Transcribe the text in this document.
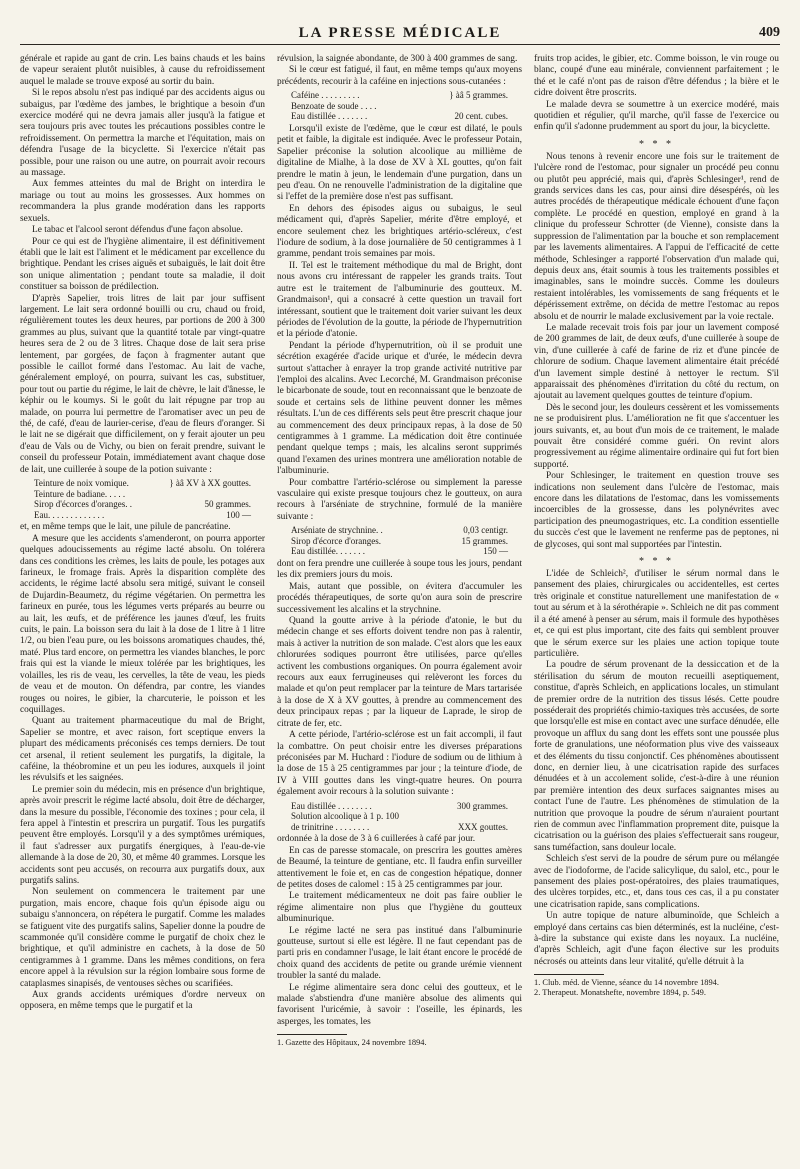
LA PRESSE MÉDICALE	409

générale et rapide au gant de crin. Les bains chauds et les bains de vapeur seraient plutôt nuisibles, à cause du refroidissement auquel le malade se trouve exposé au sortir du bain.

Si le repos absolu n'est pas indiqué par des accidents aigus ou subaigus, par l'œdème des jambes, le brightique a besoin d'un exercice modéré qui ne devra jamais aller jusqu'à la fatigue et sera toujours pris avec toutes les précautions possibles contre le refroidissement. On permettra la marche et l'équitation, mais on défendra l'usage de la bicyclette. Si l'exercice n'était pas possible, pour une raison ou une autre, on pourrait avoir recours au massage.

Aux femmes atteintes du mal de Bright on interdira le mariage ou tout au moins les grossesses. Aux hommes on recommandera la plus grande modération dans les rapports sexuels.

Le tabac et l'alcool seront défendus d'une façon absolue.

Pour ce qui est de l'hygiène alimentaire, il est définitivement établi que le lait est l'aliment et le médicament par excellence du brightique. Pendant les crises aiguës et subaiguës, le lait doit être son unique alimentation ; pendant toute sa maladie, il doit constituer sa boisson de prédilection.

D'après Sapelier, trois litres de lait par jour suffisent largement. Le lait sera ordonné bouilli ou cru, chaud ou froid, régulièrement toutes les deux heures, par portions de 200 à 300 grammes au plus, suivant que la quantité totale par vingt-quatre heures sera de 2 ou de 3 litres. Chaque dose de lait sera prise lentement, par gorgées, de façon à fragmenter autant que possible le caillot formé dans l'estomac. Au lait de vache, généralement employé, on pourra, suivant les cas, substituer, pour tout ou partie du régime, le lait de chèvre, le lait d'ânesse, le képhir ou le koumys. Si le goût du lait répugne par trop au malade, on pourra lui permettre de l'aromatiser avec un peu de thé, de café, d'eau de laurier-cerise, d'eau de fleurs d'oranger. Si le lait ne se digérait que difficilement, on y ferait ajouter un peu d'eau de Vals ou de Vichy, ou bien on ferait prendre, suivant le conseil du professeur Potain, immédiatement avant chaque dose de lait, une cuillerée à soupe de la potion suivante :

Teinture de noix vomique.	} àâ XV à XX gouttes.
Teinture de badiane. . . . .
Sirop d'écorces d'oranges. .	50 grammes.
Eau. . . . . . . . . . . . .	100 —

et, en même temps que le lait, une pilule de pancréatine.

A mesure que les accidents s'amenderont, on pourra apporter quelques adoucissements au régime lacté absolu. On tolérera dans ces conditions les crèmes, les laits de poule, les potages aux farineux, le fromage frais. Après la disparition complète des accidents, le régime lacté absolu sera mitigé, suivant le conseil de Dujardin-Beaumetz, du régime végétarien. On permettra les farineux en purée, tous les légumes verts préparés au beurre ou au lait, les œufs, et de préférence les jaunes d'œuf, les fruits cuits, le pain. La boisson sera du lait à la dose de 1 litre à 1 litre 1/2, ou bien l'eau pure, ou les boissons aromatiques chaudes, thé, maté. Plus tard encore, on permettra les viandes blanches, le porc frais qui est la viande le mieux tolérée par les brightiques, les volailles, les ris de veau, les cervelles, la tête de veau, les pieds de veau et de mouton. On défendra, par contre, les viandes rouges ou noires, le gibier, la charcuterie, le poisson et les coquillages.

Quant au traitement pharmaceutique du mal de Bright, Sapelier se montre, et avec raison, fort sceptique envers la plupart des médicaments préconisés ces temps derniers. De tout cet arsenal, il retient seulement les purgatifs, la digitale, la caféine, la théobromine et un peu les iodures, auxquels il joint les révulsifs et les saignées.

Le premier soin du médecin, mis en présence d'un brightique, après avoir prescrit le régime lacté absolu, doit être de décharger, dans la mesure du possible, l'économie des toxines ; pour cela, il fera appel à l'intestin et prescrira un purgatif. Tous les purgatifs peuvent être employés. Lorsqu'il y a des symptômes urémiques, il faut s'adresser aux purgatifs énergiques, à l'eau-de-vie allemande à la dose de 20, 30, et même 40 grammes. Lorsque les accidents sont peu accusés, on recourra aux purgatifs doux, aux purgatifs salins.

Non seulement on commencera le traitement par une purgation, mais encore, chaque fois qu'un épisode aigu ou subaigu s'annoncera, on répétera le purgatif. Comme les malades se fatiguent vite des purgatifs salins, Sapelier donne la poudre de scammonée qu'il considère comme le purgatif de choix chez le brightique, et qu'il administre en cachets, à la dose de 50 centigrammes à 1 gramme. Dans les mêmes conditions, on fera encore appel à la révulsion sur la région lombaire sous forme de cataplasmes sinapisés, de ventouses sèches ou scarifiées.

Aux grands accidents urémiques d'ordre nerveux on opposera, en même temps que le purgatif et la

révulsion, la saignée abondante, de 300 à 400 grammes de sang.

Si le cœur est fatigué, il faut, en même temps qu'aux moyens précédents, recourir à la caféine en injections sous-cutanées :

Caféine . . . . . . . . .	} àâ 5 grammes.
Benzoate de soude . . . .
Eau distillée . . . . . . .	20 cent. cubes.

Lorsqu'il existe de l'œdème, que le cœur est dilaté, le pouls petit et faible, la digitale est indiquée. Avec le professeur Potain, Sapelier préconise la solution alcoolique au millième de digitaline de Mialhe, à la dose de XV à XL gouttes, qu'on fait prendre le matin à jeun, le lendemain d'une purgation, dans un peu d'eau. On ne renouvelle l'administration de la digitaline que si l'effet de la première dose n'est pas suffisant.

En dehors des épisodes aigus ou subaigus, le seul médicament qui, d'après Sapelier, mérite d'être employé, et encore seulement chez les brightiques artério-scléreux, c'est l'iodure de sodium, à la dose journalière de 50 centigrammes à 1 gramme, pendant trois semaines par mois.

II. Tel est le traitement méthodique du mal de Bright, dont nous avons cru intéressant de rappeler les grands traits. Tout autre est le traitement de l'albuminurie des goutteux. M. Grandmaison¹, qui a consacré à cette question un travail fort intéressant, soutient que le traitement doit varier suivant les deux périodes de l'évolution de la goutte, la période de l'hypernutrition et la période d'atonie.

Pendant la période d'hypernutrition, où il se produit une sécrétion exagérée d'acide urique et d'urée, le médecin devra surtout s'attacher à enrayer la trop grande activité nutritive par l'emploi des alcalins. Avec Lecorché, M. Grandmaison préconise le bicarbonate de soude, tout en reconnaissant que le benzoate de soude et certains sels de lithine peuvent donner les mêmes résultats. L'un de ces différents sels peut être prescrit chaque jour au commencement des deux principaux repas, à la dose de 50 centigrammes à 1 gramme. La médication doit être continuée pendant quelque temps ; mais, les alcalins seront supprimés quand l'examen des urines montrera une amélioration notable de l'albuminurie.

Pour combattre l'artério-sclérose ou simplement la paresse vasculaire qui existe presque toujours chez le goutteux, on aura recours à l'arséniate de strychnine, formulé de la manière suivante :

Arséniate de strychnine. .	0,03 centigr.
Sirop d'écorce d'oranges.	15 grammes.
Eau distillée. . . . . . .	150 —

dont on fera prendre une cuillerée à soupe tous les jours, pendant les dix premiers jours du mois.

Mais, autant que possible, on évitera d'accumuler les procédés thérapeutiques, de sorte qu'on aura soin de prescrire successivement les alcalins et la strychnine.

Quand la goutte arrive à la période d'atonie, le but du médecin change et ses efforts doivent tendre non pas à ralentir, mais à activer la nutrition de son malade. C'est alors que les eaux chlorurées sodiques pourront être utilisées, parce qu'elles activent les combustions organiques. On pourra également avoir recours aux eaux ferrugineuses qui relèveront les forces du malade et qu'on peut remplacer par la teinture de Mars tartarisée à la dose de X à XV gouttes, à prendre au commencement des deux principaux repas ; par la liqueur de Laprade, le sirop de citrate de fer, etc.

A cette période, l'artério-sclérose est un fait accompli, il faut la combattre. On peut choisir entre les diverses préparations préconisées par M. Huchard : l'iodure de sodium ou de lithium à la dose de 15 à 25 centigrammes par jour ; la teinture d'iode, de IV à VIII gouttes dans les vingt-quatre heures. On pourra également avoir recours à la solution suivante :

Eau distillée . . . . . . . .	300 grammes.
Solution alcoolique à 1 p. 100
de trinitrine . . . . . . . .	XXX gouttes.

ordonnée à la dose de 3 à 6 cuillerées à café par jour.

En cas de paresse stomacale, on prescrira les gouttes amères de Beaumé, la teinture de gentiane, etc. Il faudra enfin surveiller attentivement le foie et, en cas de congestion hépatique, donner de petites doses de calomel : 15 à 25 centigrammes par jour.

Le traitement médicamenteux ne doit pas faire oublier le régime alimentaire non plus que l'hygiène du goutteux albuminurique.

Le régime lacté ne sera pas institué dans l'albuminurie goutteuse, surtout si elle est légère. Il ne faut cependant pas de parti pris en condamner l'usage, le lait étant encore le procédé de choix quand des accidents de petite ou grande urémie viennent troubler la santé du malade.

Le régime alimentaire sera donc celui des goutteux, et le malade s'abstiendra d'une manière absolue des aliments qui favorisent l'uricémie, à savoir : l'oseille, les épinards, les asperges, les tomates, les

1. Gazette des Hôpitaux, 24 novembre 1894.

fruits trop acides, le gibier, etc. Comme boisson, le vin rouge ou blanc, coupé d'une eau minérale, conviennent parfaitement ; le thé et le café n'ont pas de raison d'être défendus ; la bière et le cidre doivent être proscrits.

Le malade devra se soumettre à un exercice modéré, mais quotidien et régulier, qu'il marche, qu'il fasse de l'exercice ou enfin qu'il s'adonne prudemment au sport du jour, la bicyclette.

* * *

Nous tenons à revenir encore une fois sur le traitement de l'ulcère rond de l'estomac, pour signaler un procédé peu connu ou plutôt peu apprécié, mais qui, d'après Schlesinger¹, rend de grands services dans les cas, pour ainsi dire désespérés, où les autres procédés de thérapeutique médicale échouent d'une façon complète. Le procédé en question, employé en grand à la clinique du professeur Schrotter (de Vienne), consiste dans la suppression de l'alimentation par la bouche et son remplacement par les lavements alimentaires. A l'appui de l'efficacité de cette méthode, Schlesinger a rapporté l'observation d'un malade qui, depuis deux ans, était soumis à tous les traitements possibles et imaginables, sans le moindre succès. Comme les douleurs restaient intolérables, les vomissements de sang fréquents et le dépérissement extrême, on décida de mettre l'estomac au repos absolu et de nourrir le malade exclusivement par la voie rectale.

Le malade recevait trois fois par jour un lavement composé de 200 grammes de lait, de deux œufs, d'une cuillerée à soupe de vin, d'une cuillerée à café de farine de riz et d'une pincée de chlorure de sodium. Chaque lavement alimentaire était précédé d'un lavement simple destiné à nettoyer le rectum. S'il apparaissait des phénomènes d'irritation du côté du rectum, on ajoutait au lavement quelques gouttes de teinture d'opium.

Dès le second jour, les douleurs cessèrent et les vomissements ne se produisirent plus. L'amélioration ne fit que s'accentuer les jours suivants, et, au bout d'un mois de ce traitement, le malade pouvait être considéré comme guéri. On revint alors progressivement au régime alimentaire ordinaire qui fut fort bien supporté.

Pour Schlesinger, le traitement en question trouve ses indications non seulement dans l'ulcère de l'estomac, mais encore dans les dilatations de l'estomac, dans les vomissements incoercibles de la grossesse, dans les polynévrites avec participation des pneumogastriques, etc. La condition essentielle du succès c'est que le lavement ne renferme pas de peptones, ni de glycoses, qui sont mal supportées par l'intestin.

* * *

L'idée de Schleich², d'utiliser le sérum normal dans le pansement des plaies, chirurgicales ou accidentelles, est certes très originale et constitue naturellement une manifestation de « tout au sérum et à la sérothérapie ». Schleich ne dit pas comment il a été amené à penser au sérum, mais il formule des hypothèses et, ce qui est plus important, cite des faits qui semblent prouver que le sérum exerce sur les plaies une action topique toute particulière.

La poudre de sérum provenant de la dessiccation et de la stérilisation du sérum de mouton recueilli aseptiquement, constitue, d'après Schleich, en applications locales, un stimulant de premier ordre de la nutrition des tissus lésés. Cette poudre posséderait des propriétés chimio-taxiques très accusées, de sorte que lorsqu'elle est mise en contact avec une surface dénudée, elle provoque un afflux du sang dont les effets sont une poussée plus forte de granulations, une néoformation plus vive des vaisseaux et des éléments du tissu conjonctif. Ces phénomènes aboutissent donc, en dernier lieu, à une cicatrisation rapide des surfaces dénudées et à un accolement solide, c'est-à-dire à une réunion par première intention des deux surfaces saignantes mises au contact l'une de l'autre. Les phénomènes de stimulation de la nutrition que provoque la poudre de sérum n'auraient pourtant rien de commun avec l'inflammation proprement dite, puisque la cicatrisation ou la guérison des plaies s'effectuerait sans rougeur, sans tuméfaction, sans douleur locale.

Schleich s'est servi de la poudre de sérum pure ou mélangée avec de l'iodoforme, de l'acide salicylique, du salol, etc., pour le pansement des plaies post-opératoires, des plaies traumatiques, des ulcères torpides, etc., et, dans tous ces cas, il a pu constater une cicatrisation rapide, sans complications.

Un autre topique de nature albuminoïde, que Schleich a employé dans certains cas bien déterminés, est la nucléine, c'est-à-dire la substance qui existe dans les noyaux. La nucléine, d'après Schleich, agit d'une façon élective sur les produits nécrosés ou atteints dans leur vitalité, qu'elle détruit à la

1. Club. méd. de Vienne, séance du 14 novembre 1894.
2. Therapeut. Monatshefte, novembre 1894, p. 549.
